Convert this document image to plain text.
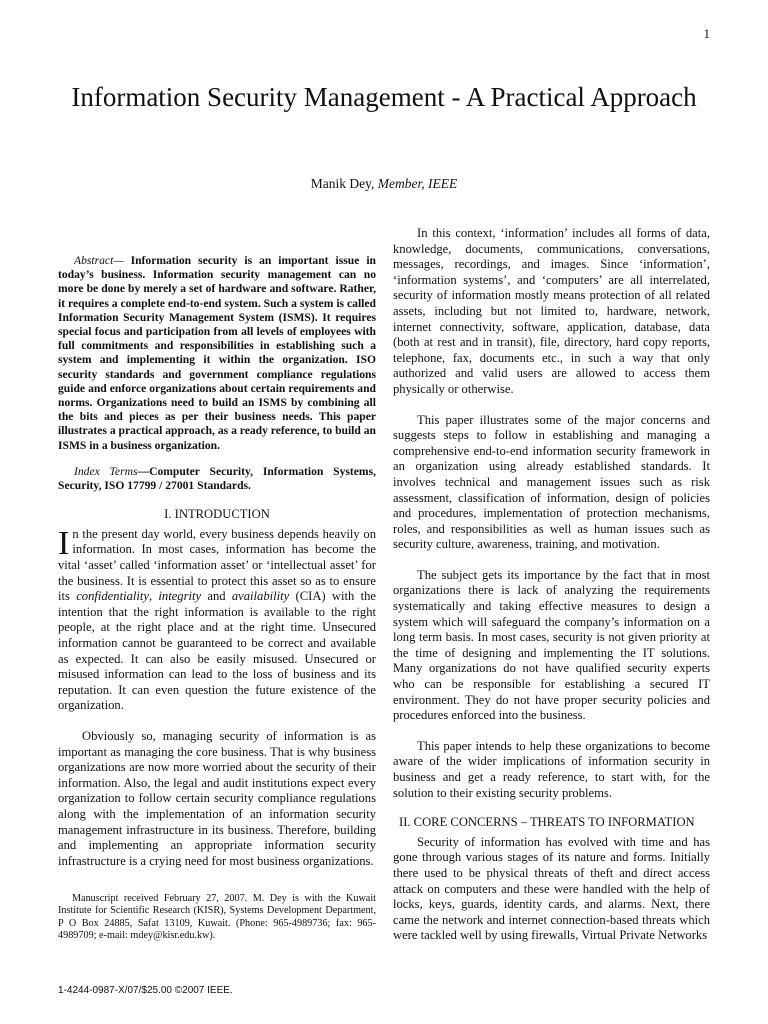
1
Information Security Management - A Practical Approach

Manik Dey, Member, IEEE

Abstract— Information security is an important issue in today’s business. Information security management can no more be done by merely a set of hardware and software. Rather, it requires a complete end-to-end system. Such a system is called Information Security Management System (ISMS). It requires special focus and participation from all levels of employees with full commitments and responsibilities in establishing such a system and implementing it within the organization. ISO security standards and government compliance regulations guide and enforce organizations about certain requirements and norms. Organizations need to build an ISMS by combining all the bits and pieces as per their business needs. This paper illustrates a practical approach, as a ready reference, to build an ISMS in a business organization.

Index Terms—Computer Security, Information Systems, Security, ISO 17799 / 27001 Standards.

I. INTRODUCTION

In the present day world, every business depends heavily on information. In most cases, information has become the vital ‘asset’ called ‘information asset’ or ‘intellectual asset’ for the business. It is essential to protect this asset so as to ensure its confidentiality, integrity and availability (CIA) with the intention that the right information is available to the right people, at the right place and at the right time. Unsecured information cannot be guaranteed to be correct and available as expected. It can also be easily misused. Unsecured or misused information can lead to the loss of business and its reputation. It can even question the future existence of the organization.

Obviously so, managing security of information is as important as managing the core business. That is why business organizations are now more worried about the security of their information. Also, the legal and audit institutions expect every organization to follow certain security compliance regulations along with the implementation of an information security management infrastructure in its business. Therefore, building and implementing an appropriate information security infrastructure is a crying need for most business organizations.

Manuscript received February 27, 2007. M. Dey is with the Kuwait Institute for Scientific Research (KISR), Systems Development Department, P O Box 24885, Safat 13109, Kuwait. (Phone: 965-4989736; fax: 965-4989709; e-mail: mdey@kisr.edu.kw).
1-4244-0987-X/07/$25.00 ©2007 IEEE.

In this context, ‘information’ includes all forms of data, knowledge, documents, communications, conversations, messages, recordings, and images. Since ‘information’, ‘information systems’, and ‘computers’ are all interrelated, security of information mostly means protection of all related assets, including but not limited to, hardware, network, internet connectivity, software, application, database, data (both at rest and in transit), file, directory, hard copy reports, telephone, fax, documents etc., in such a way that only authorized and valid users are allowed to access them physically or otherwise.

This paper illustrates some of the major concerns and suggests steps to follow in establishing and managing a comprehensive end-to-end information security framework in an organization using already established standards. It involves technical and management issues such as risk assessment, classification of information, design of policies and procedures, implementation of protection mechanisms, roles, and responsibilities as well as human issues such as security culture, awareness, training, and motivation.

The subject gets its importance by the fact that in most organizations there is lack of analyzing the requirements systematically and taking effective measures to design a system which will safeguard the company’s information on a long term basis. In most cases, security is not given priority at the time of designing and implementing the IT solutions. Many organizations do not have qualified security experts who can be responsible for establishing a secured IT environment. They do not have proper security policies and procedures enforced into the business.

This paper intends to help these organizations to become aware of the wider implications of information security in business and get a ready reference, to start with, for the solution to their existing security problems.

II. CORE CONCERNS – THREATS TO INFORMATION

Security of information has evolved with time and has gone through various stages of its nature and forms. Initially there used to be physical threats of theft and direct access attack on computers and these were handled with the help of locks, keys, guards, identity cards, and alarms. Next, there came the network and internet connection-based threats which were tackled well by using firewalls, Virtual Private Networks
